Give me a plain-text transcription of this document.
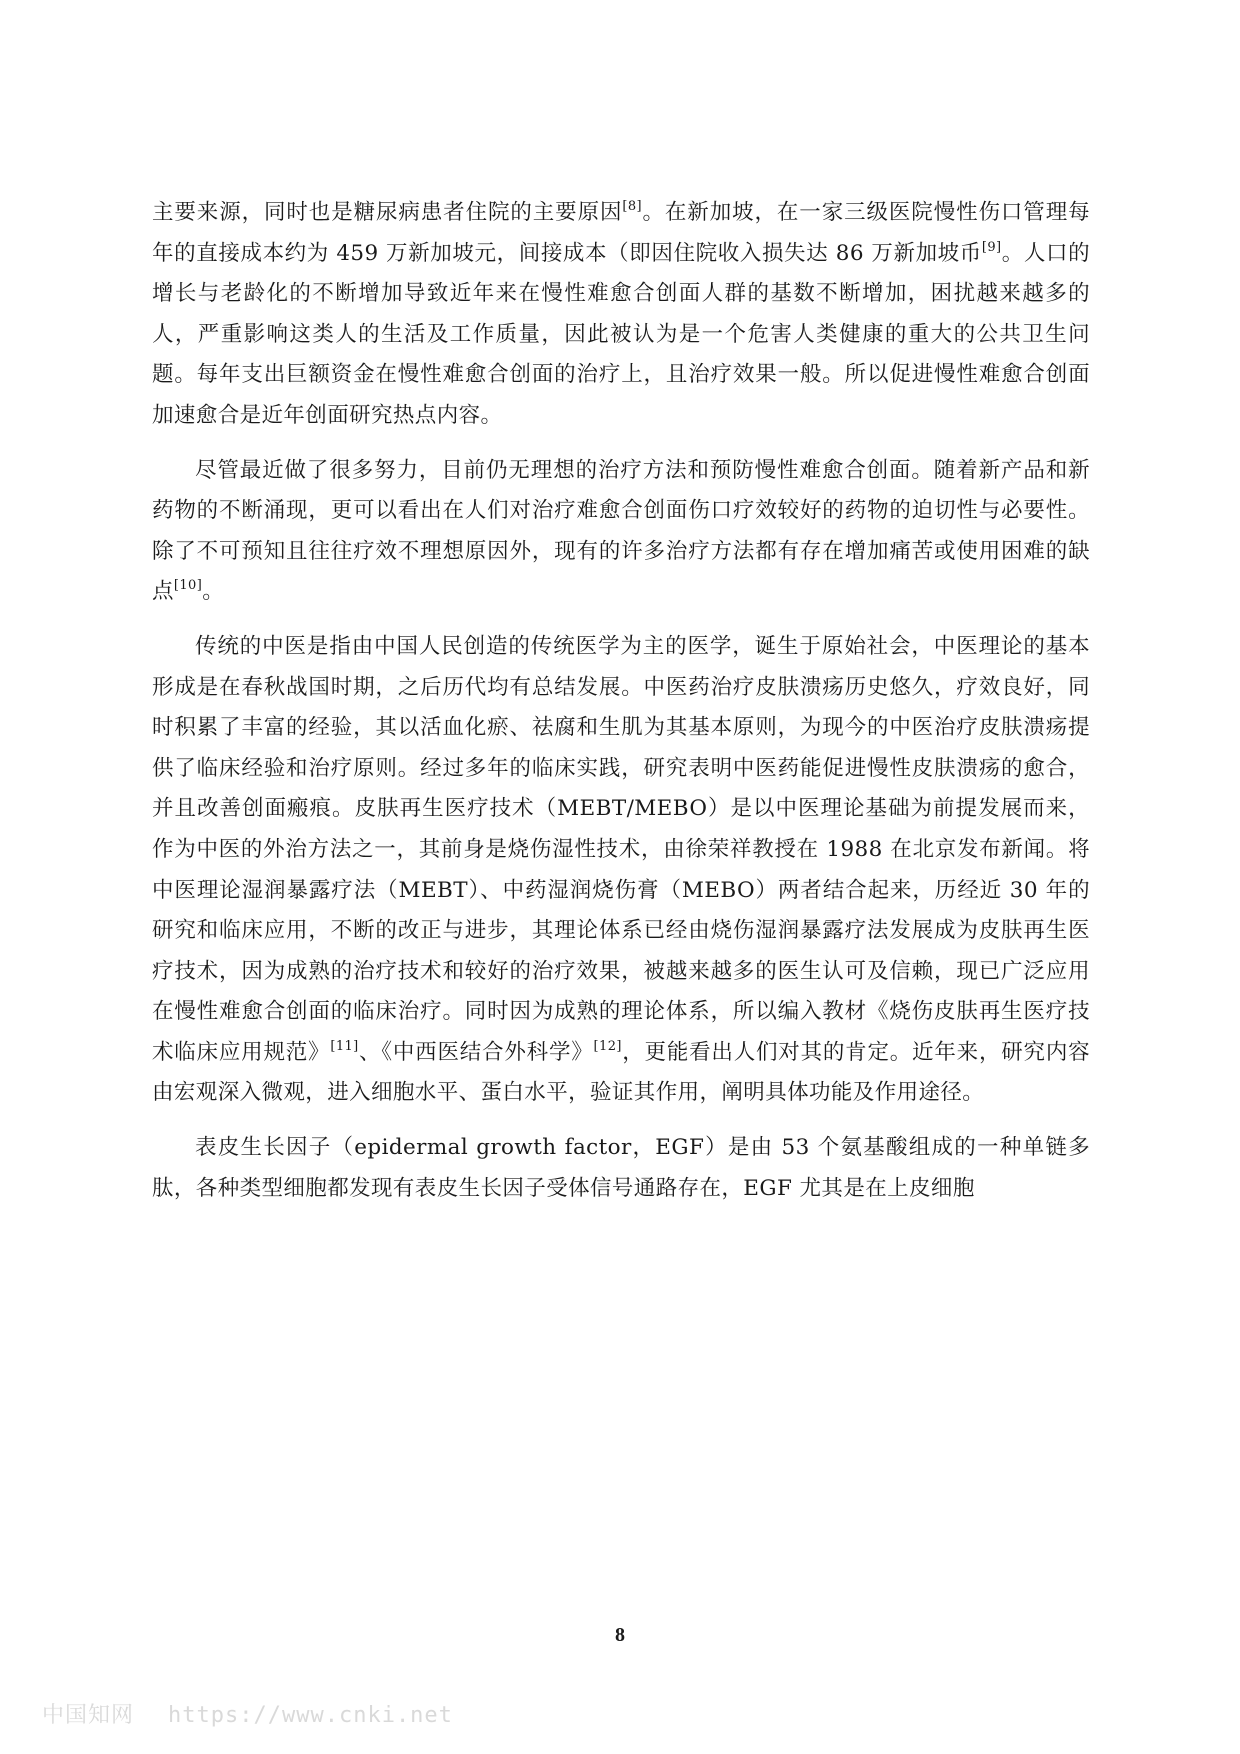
主要来源，同时也是糖尿病患者住院的主要原因[8]。在新加坡，在一家三级医院慢性伤口管理每年的直接成本约为 459 万新加坡元，间接成本（即因住院收入损失达 86 万新加坡币[9]。人口的增长与老龄化的不断增加导致近年来在慢性难愈合创面人群的基数不断增加，困扰越来越多的人，严重影响这类人的生活及工作质量，因此被认为是一个危害人类健康的重大的公共卫生问题。每年支出巨额资金在慢性难愈合创面的治疗上，且治疗效果一般。所以促进慢性难愈合创面加速愈合是近年创面研究热点内容。

尽管最近做了很多努力，目前仍无理想的治疗方法和预防慢性难愈合创面。随着新产品和新药物的不断涌现，更可以看出在人们对治疗难愈合创面伤口疗效较好的药物的迫切性与必要性。除了不可预知且往往疗效不理想原因外，现有的许多治疗方法都有存在增加痛苦或使用困难的缺点[10]。

传统的中医是指由中国人民创造的传统医学为主的医学，诞生于原始社会，中医理论的基本形成是在春秋战国时期，之后历代均有总结发展。中医药治疗皮肤溃疡历史悠久，疗效良好，同时积累了丰富的经验，其以活血化瘀、祛腐和生肌为其基本原则，为现今的中医治疗皮肤溃疡提供了临床经验和治疗原则。经过多年的临床实践，研究表明中医药能促进慢性皮肤溃疡的愈合，并且改善创面瘢痕。皮肤再生医疗技术（MEBT/MEBO）是以中医理论基础为前提发展而来，作为中医的外治方法之一，其前身是烧伤湿性技术，由徐荣祥教授在 1988 在北京发布新闻。将中医理论湿润暴露疗法（MEBT）、中药湿润烧伤膏（MEBO）两者结合起来，历经近 30 年的研究和临床应用，不断的改正与进步，其理论体系已经由烧伤湿润暴露疗法发展成为皮肤再生医疗技术，因为成熟的治疗技术和较好的治疗效果，被越来越多的医生认可及信赖，现已广泛应用在慢性难愈合创面的临床治疗。同时因为成熟的理论体系，所以编入教材《烧伤皮肤再生医疗技术临床应用规范》[11]、《中西医结合外科学》[12]，更能看出人们对其的肯定。近年来，研究内容由宏观深入微观，进入细胞水平、蛋白水平，验证其作用，阐明具体功能及作用途径。

表皮生长因子（epidermal growth factor，EGF）是由 53 个氨基酸组成的一种单链多肽，各种类型细胞都发现有表皮生长因子受体信号通路存在，EGF 尤其是在上皮细胞

8
中国知网 https://www.cnki.net
